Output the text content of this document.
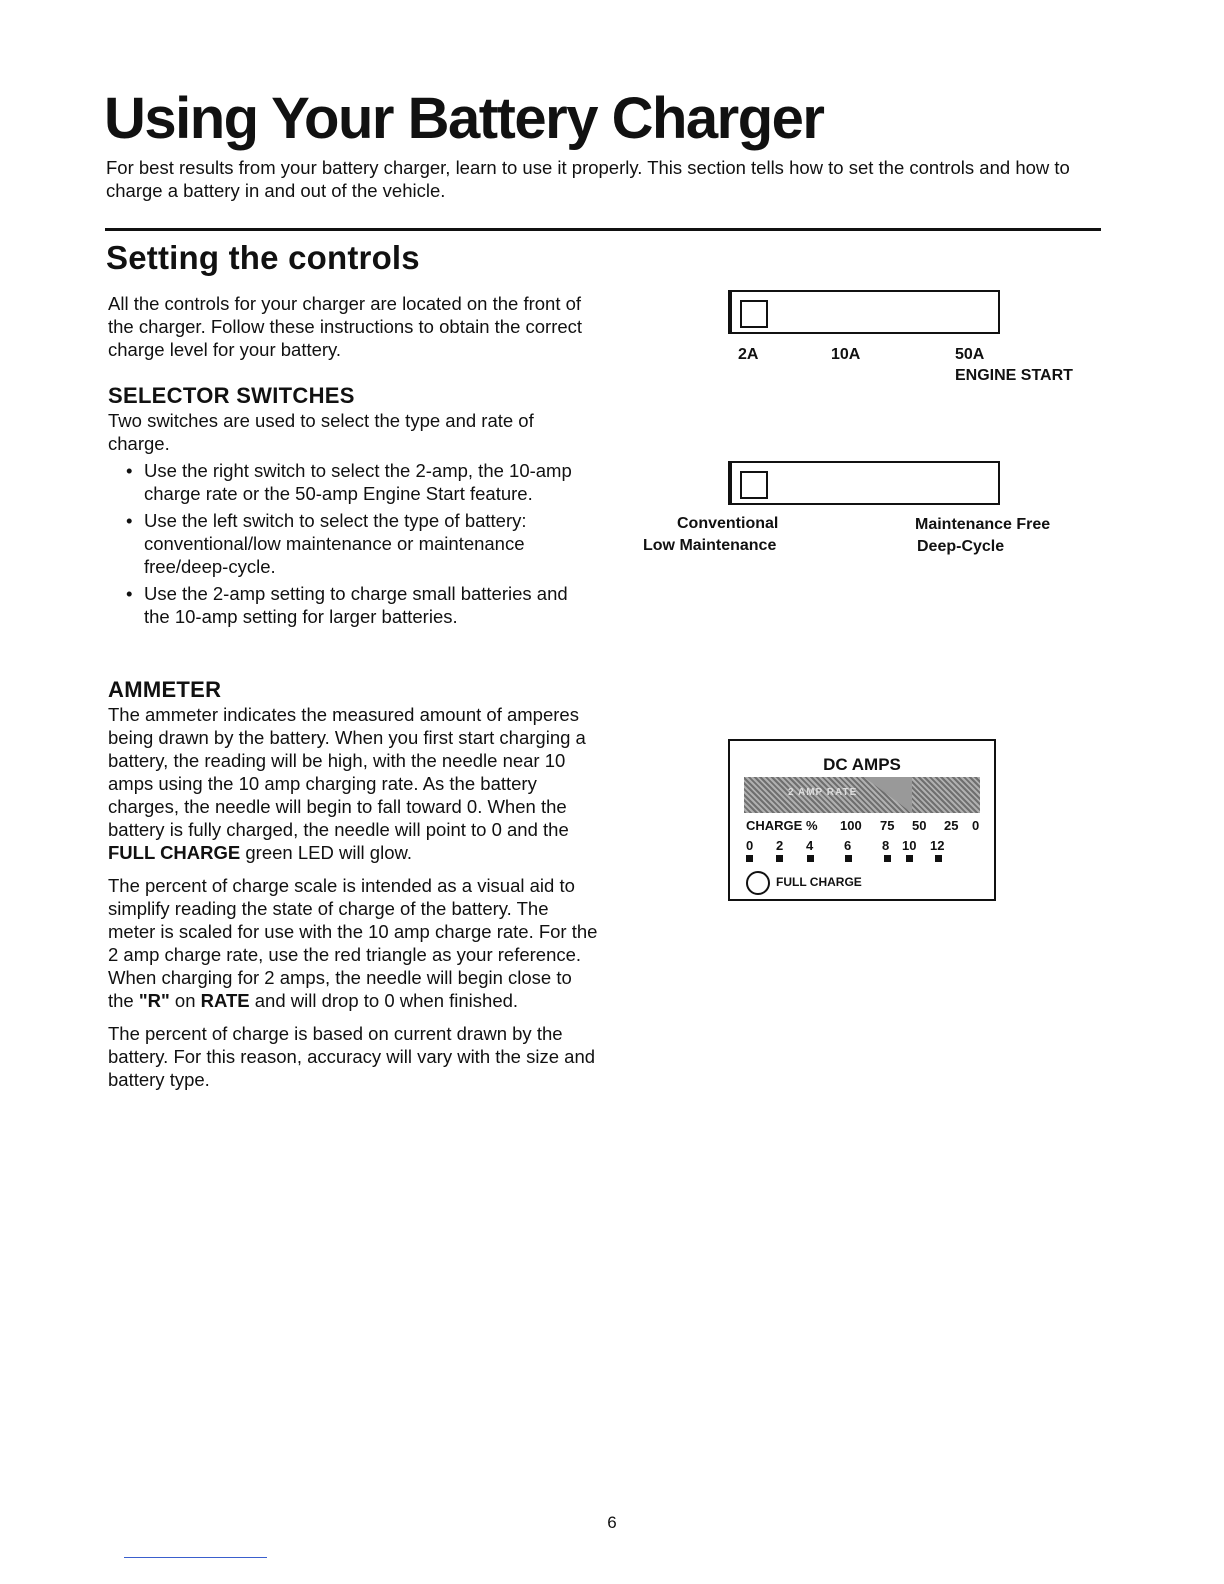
Using Your Battery Charger

For best results from your battery charger, learn to use it properly. This section tells how to set the controls and how to charge a battery in and out of the vehicle.

Setting the controls

All the controls for your charger are located on the front of the charger. Follow these instructions to obtain the correct charge level for your battery.

SELECTOR SWITCHES

Two switches are used to select the type and rate of charge.

• Use the right switch to select the 2-amp, the 10-amp charge rate or the 50-amp Engine Start feature.
• Use the left switch to select the type of battery: conventional/low maintenance or maintenance free/deep-cycle.
• Use the 2-amp setting to charge small batteries and the 10-amp setting for larger batteries.
AMMETER

The ammeter indicates the measured amount of amperes being drawn by the battery. When you first start charging a battery, the reading will be high, with the needle near 10 amps using the 10 amp charging rate. As the battery charges, the needle will begin to fall toward 0. When the battery is fully charged, the needle will point to 0 and the FULL CHARGE green LED will glow.

The percent of charge scale is intended as a visual aid to simplify reading the state of charge of the battery. The meter is scaled for use with the 10 amp charge rate. For the 2 amp charge rate, use the red triangle as your reference. When charging for 2 amps, the needle will begin close to the "R" on RATE and will drop to 0 when finished.

The percent of charge is based on current drawn by the battery. For this reason, accuracy will vary with the size and battery type.

2A	10A	50A
ENGINE START
Conventional
Low Maintenance
Maintenance Free
Deep-Cycle
DC AMPS
2 AMP RATE
CHARGE % 100 75 50 25 0
0 2 4 6 8 10 12
FULL CHARGE
6
